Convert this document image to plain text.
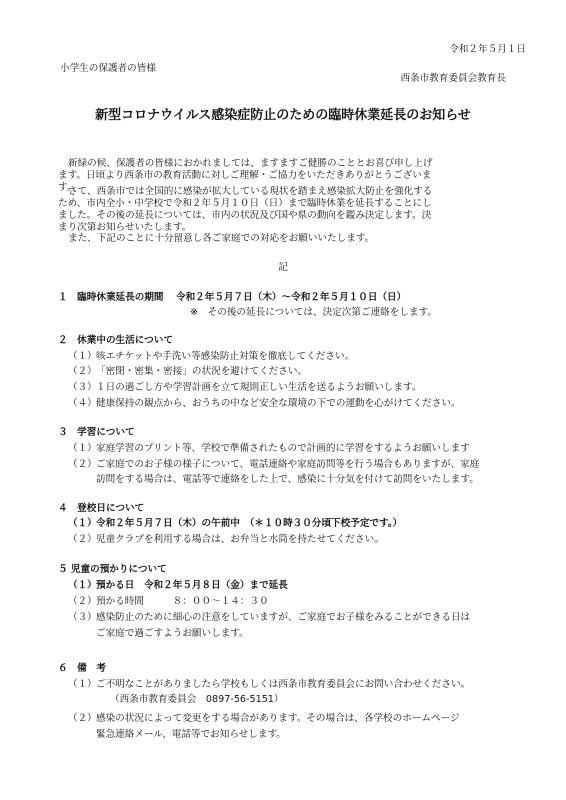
令和２年５月１日
小学生の保護者の皆様
西条市教育委員会教育長
新型コロナウイルス感染症防止のための臨時休業延長のお知らせ
新緑の候、保護者の皆様におかれましては、ますますご健勝のこととお喜び申し上げ
ます。日頃より西条市の教育活動に対しご理解・ご協力をいただきありがとうございま
す。
さて、西条市では全国的に感染が拡大している現状を踏まえ感染拡大防止を強化する
ため、市内全小・中学校で令和２年５月１０日（日）まで臨時休業を延長することにし
ました。その後の延長については、市内の状況及び国や県の動向を鑑み決定します。決
まり次第お知らせいたします。
また、下記のことに十分留意し各ご家庭での対応をお願いいたします。
記
１　臨時休業延長の期間 令和２年５月７日（木）～令和２年５月１０日（日）
※　その後の延長については、決定次第ご連絡をします。
２　休業中の生活について
（１）咳エチケットや手洗い等感染防止対策を徹底してください。
（２）「密閉・密集・密接」の状況を避けてください。
（３）１日の過ごし方や学習計画を立て規則正しい生活を送るようお願いします。
（４）健康保持の観点から、おうちの中など安全な環境の下での運動を心がけてください。
３　学習について
（１）家庭学習のプリント等、学校で準備されたもので計画的に学習をするようお願いします
（２）ご家庭でのお子様の様子について、電話連絡や家庭訪問等を行う場合もありますが、家庭
訪問をする場合は、電話等で連絡をした上で、感染に十分気を付けて訪問をいたします。
４　登校日について
（１）令和２年５月７日（木）の午前中　（＊１０時３０分頃下校予定です。）
（２）児童クラブを利用する場合は、お弁当と水筒を持たせてください。
５ 児童の預かりについて
（１）預かる日　令和２年５月８日（金）まで延長
（２）預かる時間　　　８：００～１４：３０
（３）感染防止のために細心の注意をしていますが、ご家庭でお子様をみることができる日は
ご家庭で過ごすようお願いします。
６　備　考
（１）ご不明なことがありましたら学校もしくは西条市教育委員会にお問い合わせください。
（西条市教育委員会　0897-56-5151）
（２）感染の状況によって変更をする場合があります。その場合は、各学校のホームページ
緊急連絡メール、電話等でお知らせします。
